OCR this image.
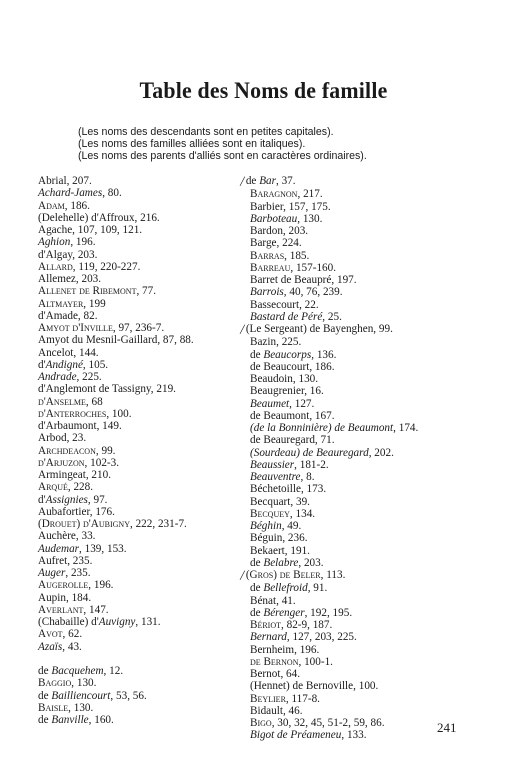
Table des Noms de famille
(Les noms des descendants sont en petites capitales).
(Les noms des familles alliées sont en italiques).
(Les noms des parents d'alliés sont en caractères ordinaires).
Abrial, 207.
Achard-James, 80.
Adam, 186.
(Delehelle) d'Affroux, 216.
Agache, 107, 109, 121.
Aghion, 196.
d'Algay, 203.
Allard, 119, 220-227.
Allemez, 203.
Allenet de Ribemont, 77.
Altmayer, 199
d'Amade, 82.
Amyot d'Inville, 97, 236-7.
Amyot du Mesnil-Gaillard, 87, 88.
Ancelot, 144.
d'Andigné, 105.
Andrade, 225.
d'Anglemont de Tassigny, 219.
d'Anselme, 68
d'Anterroches, 100.
d'Arbaumont, 149.
Arbod, 23.
Archdeacon, 99.
d'Arjuzon, 102-3.
Armingeat, 210.
Arqué, 228.
d'Assignies, 97.
Aubafortier, 176.
(Drouet) d'Aubigny, 222, 231-7.
Auchère, 33.
Audemar, 139, 153.
Aufret, 235.
Auger, 235.
Augerolle, 196.
Aupin, 184.
Averlant, 147.
(Chabaille) d'Auvigny, 131.
Avot, 62.
Azaïs, 43.
de Bacquehem, 12.
Baggio, 130.
de Bailliencourt, 53, 56.
Baisle, 130.
de Banville, 160.
╱ de Bar, 37.
Baragnon, 217.
Barbier, 157, 175.
Barboteau, 130.
Bardon, 203.
Barge, 224.
Barras, 185.
Barreau, 157-160.
Barret de Beaupré, 197.
Barrois, 40, 76, 239.
Bassecourt, 22.
Bastard de Péré, 25.
╱ (Le Sergeant) de Bayenghen, 99.
Bazin, 225.
de Beaucorps, 136.
de Beaucourt, 186.
Beaudoin, 130.
Beaugrenier, 16.
Beaumet, 127.
de Beaumont, 167.
(de la Bonninière) de Beaumont, 174.
de Beauregard, 71.
(Sourdeau) de Beauregard, 202.
Beaussier, 181-2.
Beauventre, 8.
Béchetoille, 173.
Becquart, 39.
Becquey, 134.
Béghin, 49.
Béguin, 236.
Bekaert, 191.
de Belabre, 203.
╱ (Gros) de Beler, 113.
de Bellefroid, 91.
Bénat, 41.
de Bérenger, 192, 195.
Bériot, 82-9, 187.
Bernard, 127, 203, 225.
Bernheim, 196.
de Bernon, 100-1.
Bernot, 64.
(Hennet) de Bernoville, 100.
Beylier, 117-8.
Bidault, 46.
Bigo, 30, 32, 45, 51-2, 59, 86.
Bigot de Préameneu, 133.
241
